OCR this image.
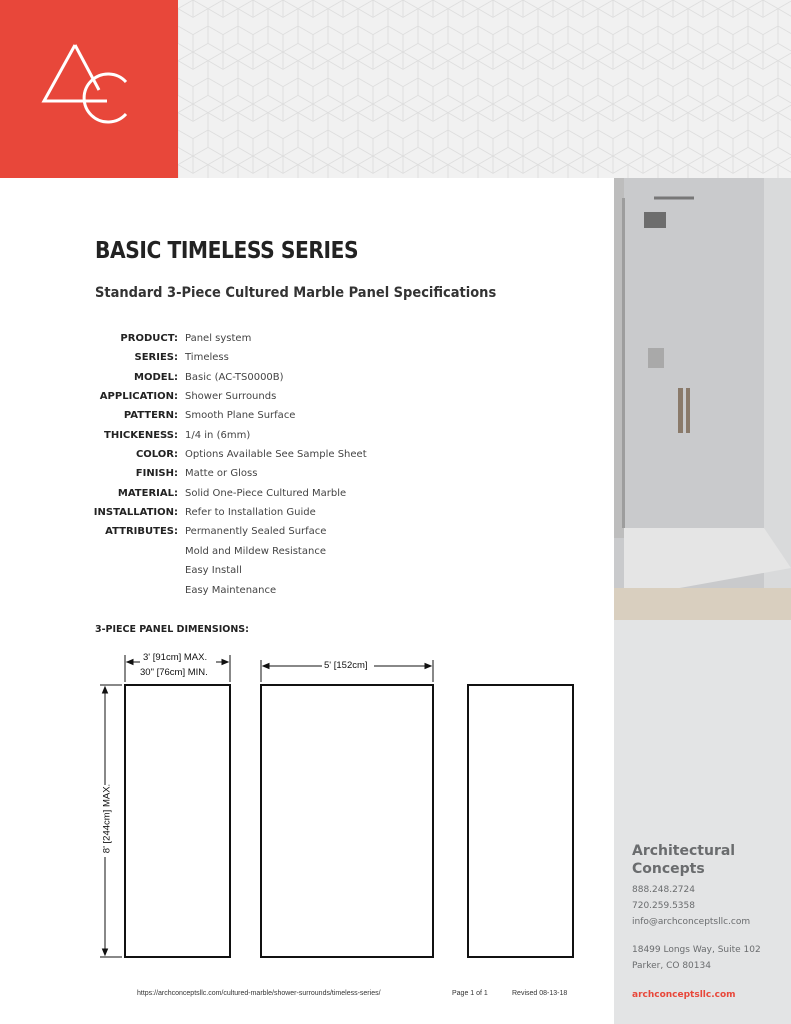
BASIC TIMELESS SERIES
Standard 3-Piece Cultured Marble Panel Specifications
PRODUCT: Panel system
SERIES: Timeless
MODEL: Basic (AC-TS0000B)
APPLICATION: Shower Surrounds
PATTERN: Smooth Plane Surface
THICKENESS: 1/4 in (6mm)
COLOR: Options Available See Sample Sheet
FINISH: Matte or Gloss
MATERIAL: Solid One-Piece Cultured Marble
INSTALLATION: Refer to Installation Guide
ATTRIBUTES: Permanently Sealed Surface
Mold and Mildew Resistance
Easy Install
Easy Maintenance
3-PIECE PANEL DIMENSIONS:
3' [91cm] MAX.
30" [76cm] MIN.
5' [152cm]
8' [244cm] MAX.	Architectural
Concepts
888.248.2724
720.259.5358
info@archconceptsllc.com
18499 Longs Way, Suite 102
Parker, CO 80134
archconceptsllc.com
https://archconceptsllc.com/cultured-marble/shower-surrounds/timeless-series/	Page 1 of 1	Revised 08-13-18
